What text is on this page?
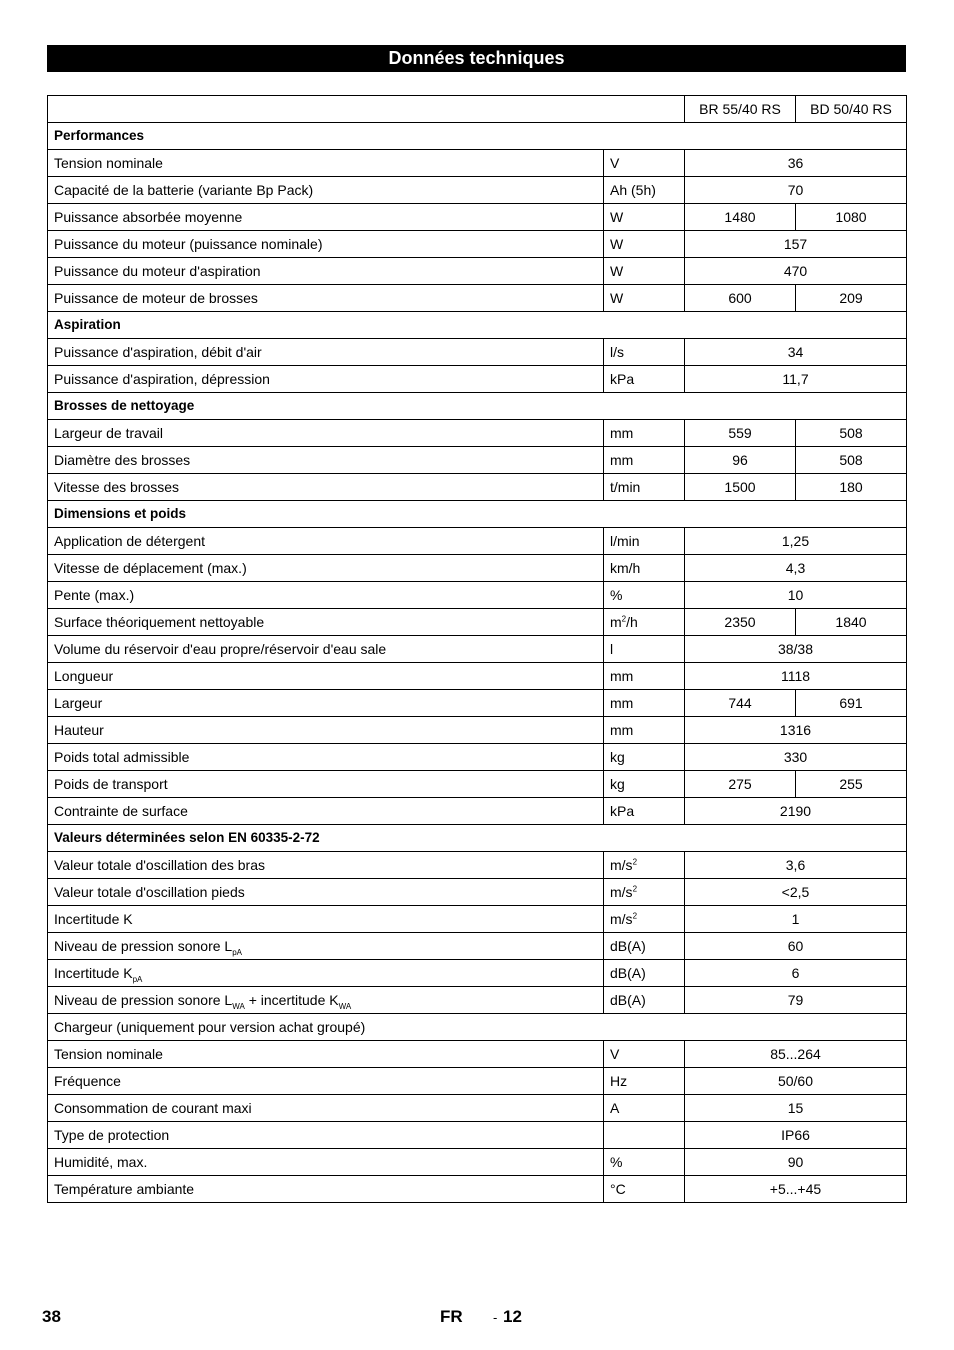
Données techniques
		BR 55/40 RS	BD 50/40 RS
Performances			
Tension nominale	V	36	
Capacité de la batterie (variante Bp Pack)	Ah (5h)	70	
Puissance absorbée moyenne	W	1480	1080
Puissance du moteur (puissance nominale)	W	157	
Puissance du moteur d'aspiration	W	470	
Puissance de moteur de brosses	W	600	209
Aspiration			
Puissance d'aspiration, débit d'air	l/s	34	
Puissance d'aspiration, dépression	kPa	11,7	
Brosses de nettoyage			
Largeur de travail	mm	559	508
Diamètre des brosses	mm	96	508
Vitesse des brosses	t/min	1500	180
Dimensions et poids			
Application de détergent	l/min	1,25	
Vitesse de déplacement (max.)	km/h	4,3	
Pente (max.)	%	10	
Surface théoriquement nettoyable	$m^2/h$	2350	1840
Volume du réservoir d'eau propre/réservoir d'eau sale	l	38/38	
Longueur	mm	1118	
Largeur	mm	744	691
Hauteur	mm	1316	
Poids total admissible	kg	330	
Poids de transport	kg	275	255
Contrainte de surface	kPa	2190	
Valeurs déterminées selon EN 60335-2-72			
Valeur totale d'oscillation des bras	$m/s^2$	3,6	
Valeur totale d'oscillation pieds	$m/s^2$	<2,5	
Incertitude K	$m/s^2$	1	
Niveau de pression sonore $L_{pA}$	dB(A)	60	
Incertitude $K_{pA}$	dB(A)	6	
Niveau de pression sonore $L_{WA}$ + incertitude $K_{WA}$	dB(A)	79	
Chargeur (uniquement pour version achat groupé)			
Tension nominale	V	85...264	
Fréquence	Hz	50/60	
Consommation de courant maxi	A	15	
Type de protection		IP66	
Humidité, max.	%	90	
Température ambiante	°C	+5...+45	
38	FR - 12
